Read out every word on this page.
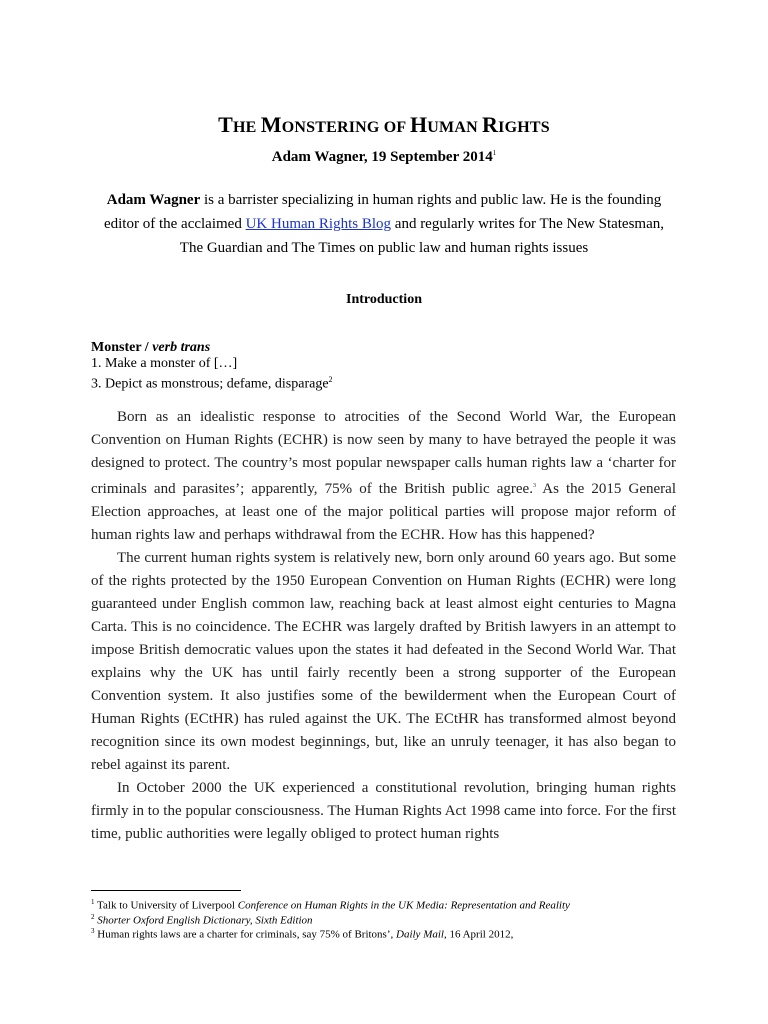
THE MONSTERING OF HUMAN RIGHTS
Adam Wagner, 19 September 2014$^1$
Adam Wagner is a barrister specializing in human rights and public law. He is the founding editor of the acclaimed UK Human Rights Blog and regularly writes for The New Statesman, The Guardian and The Times on public law and human rights issues
Introduction
Monster / verb trans
1. Make a monster of […]
3. Depict as monstrous; defame, disparage$^2$

Born as an idealistic response to atrocities of the Second World War, the European Convention on Human Rights (ECHR) is now seen by many to have betrayed the people it was designed to protect. The country’s most popular newspaper calls human rights law a ‘charter for criminals and parasites’; apparently, 75% of the British public agree.$^3$ As the 2015 General Election approaches, at least one of the major political parties will propose major reform of human rights law and perhaps withdrawal from the ECHR. How has this happened?

The current human rights system is relatively new, born only around 60 years ago. But some of the rights protected by the 1950 European Convention on Human Rights (ECHR) were long guaranteed under English common law, reaching back at least almost eight centuries to Magna Carta. This is no coincidence. The ECHR was largely drafted by British lawyers in an attempt to impose British democratic values upon the states it had defeated in the Second World War. That explains why the UK has until fairly recently been a strong supporter of the European Convention system. It also justifies some of the bewilderment when the European Court of Human Rights (ECtHR) has ruled against the UK. The ECtHR has transformed almost beyond recognition since its own modest beginnings, but, like an unruly teenager, it has also began to rebel against its parent.

In October 2000 the UK experienced a constitutional revolution, bringing human rights firmly in to the popular consciousness. The Human Rights Act 1998 came into force. For the first time, public authorities were legally obliged to protect human rights

$^1$ Talk to University of Liverpool Conference on Human Rights in the UK Media: Representation and Reality
$^2$ Shorter Oxford English Dictionary, Sixth Edition
$^3$ Human rights laws are a charter for criminals, say 75% of Britons’, Daily Mail, 16 April 2012,
